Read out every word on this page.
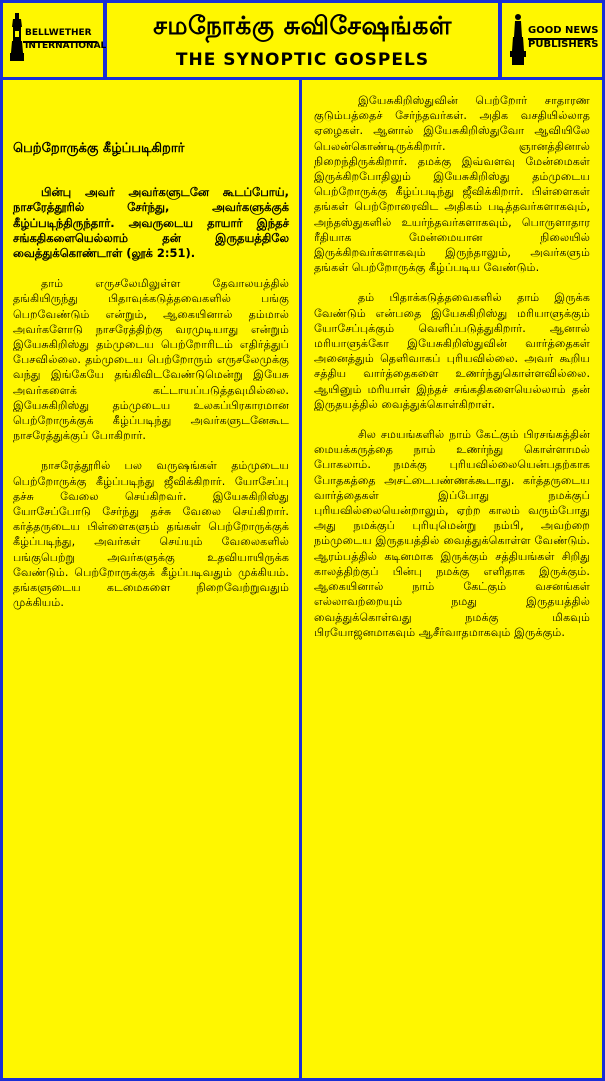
BELLWETHER
INTERNATIONAL
சமநோக்கு சுவிசேஷங்கள்
THE SYNOPTIC GOSPELS
GOOD NEWS
PUBLISHERS
பெற்றோருக்கு கீழ்ப்படிகிறார்

பின்பு அவர் அவர்களுடனே கூடப்போய், நாசரேத்தூரில் சேர்ந்து, அவர்களுக்குக் கீழ்ப்படிந்திருந்தார். அவருடைய தாயார் இந்தச் சங்கதிகளையெல்லாம் தன் இருதயத்திலே வைத்துக்கொண்டாள் (லூக் 2:51).

தாம் எருசலேமிலுள்ள தேவாலயத்தில் தங்கியிருந்து பிதாவுக்கடுத்தவைகளில் பங்கு பெறவேண்டும் என்றும், ஆகையினால் தம்மால் அவர்களோடு நாசரேத்திற்கு வரமுடியாது என்றும் இயேசுகிறிஸ்து தம்முடைய பெற்றோரிடம் எதிர்த்துப் பேசவில்லை. தம்முடைய பெற்றோரும் எருசலேமுக்கு வந்து இங்கேயே தங்கிவிடவேண்டுமென்று இயேசு அவர்களைக் கட்டாயப்படுத்தவுமில்லை. இயேசுகிறிஸ்து தம்முடைய உலகப்பிரகாரமான பெற்றோருக்குக் கீழ்ப்படிந்து அவர்களுடனேகூட நாசரேத்துக்குப் போகிறார்.

நாசரேத்தூரில் பல வருஷங்கள் தம்முடைய பெற்றோருக்கு கீழ்ப்படிந்து ஜீவிக்கிறார். யோசேப்பு தச்சு வேலை செய்கிறவர். இயேசுகிறிஸ்து யோசேப்போடு சேர்ந்து தச்சு வேலை செய்கிறார். கர்த்தருடைய பிள்ளைகளும் தங்கள் பெற்றோருக்குக் கீழ்ப்படிந்து, அவர்கள் செய்யும் வேலைகளில் பங்குபெற்று அவர்களுக்கு உதவியாயிருக்க வேண்டும். பெற்றோருக்குக் கீழ்ப்படிவதும் முக்கியம். தங்களுடைய கடமைகளை நிறைவேற்றுவதும் முக்கியம்.

இயேசுகிறிஸ்துவின் பெற்றோர் சாதாரண குடும்பத்தைச் சேர்ந்தவர்கள். அதிக வசதியில்லாத ஏழைகள். ஆனால் இயேசுகிறிஸ்துவோ ஆவியிலே பெலன்கொண்டிருக்கிறார். ஞானத்தினால் நிறைந்திருக்கிறார். தமக்கு இவ்வளவு மேன்மைகள் இருக்கிறபோதிலும் இயேசுகிறிஸ்து தம்முடைய பெற்றோருக்கு கீழ்ப்படிந்து ஜீவிக்கிறார். பிள்ளைகள் தங்கள் பெற்றோரைவிட அதிகம் படித்தவர்களாகவும், அந்தஸ்துகளில் உயர்ந்தவர்களாகவும், பொருளாதார ரீதியாக மேன்மையான நிலையில் இருக்கிறவர்களாகவும் இருந்தாலும், அவர்களும் தங்கள் பெற்றோருக்கு கீழ்ப்படிய வேண்டும்.

தம் பிதாக்கடுத்தவைகளில் தாம் இருக்க வேண்டும் என்பதை இயேசுகிறிஸ்து மரியாளுக்கும் யோசேப்புக்கும் வெளிப்படுத்துகிறார். ஆனால் மரியாளுக்கோ இயேசுகிறிஸ்துவின் வார்த்தைகள் அனைத்தும் தெளிவாகப் புரியவில்லை. அவர் கூறிய சத்திய வார்த்தைகளை உணர்ந்துகொள்ளவில்லை. ஆயினும் மரியாள் இந்தச் சங்கதிகளையெல்லாம் தன் இருதயத்தில் வைத்துக்கொள்கிறாள்.

சில சமயங்களில் நாம் கேட்கும் பிரசங்கத்தின் மையக்கருத்தை நாம் உணர்ந்து கொள்ளாமல் போகலாம். நமக்கு புரியவில்லையென்பதற்காக போதகத்தை அசட்டைபண்ணக்கூடாது. கர்த்தருடைய வார்த்தைகள் இப்போது நமக்குப் புரியவில்லையென்றாலும், ஏற்ற காலம் வரும்போது அது நமக்குப் புரியுமென்று நம்பி, அவற்றை நம்முடைய இருதயத்தில் வைத்துக்கொள்ள வேண்டும். ஆரம்பத்தில் கடினமாக இருக்கும் சத்தியங்கள் சிறிது காலத்திற்குப் பின்பு நமக்கு எளிதாக இருக்கும். ஆகையினால் நாம் கேட்கும் வசனங்கள் எல்லாவற்றையும் நமது இருதயத்தில் வைத்துக்கொள்வது நமக்கு மிகவும் பிரயோஜனமாகவும் ஆசீர்வாதமாகவும் இருக்கும்.
